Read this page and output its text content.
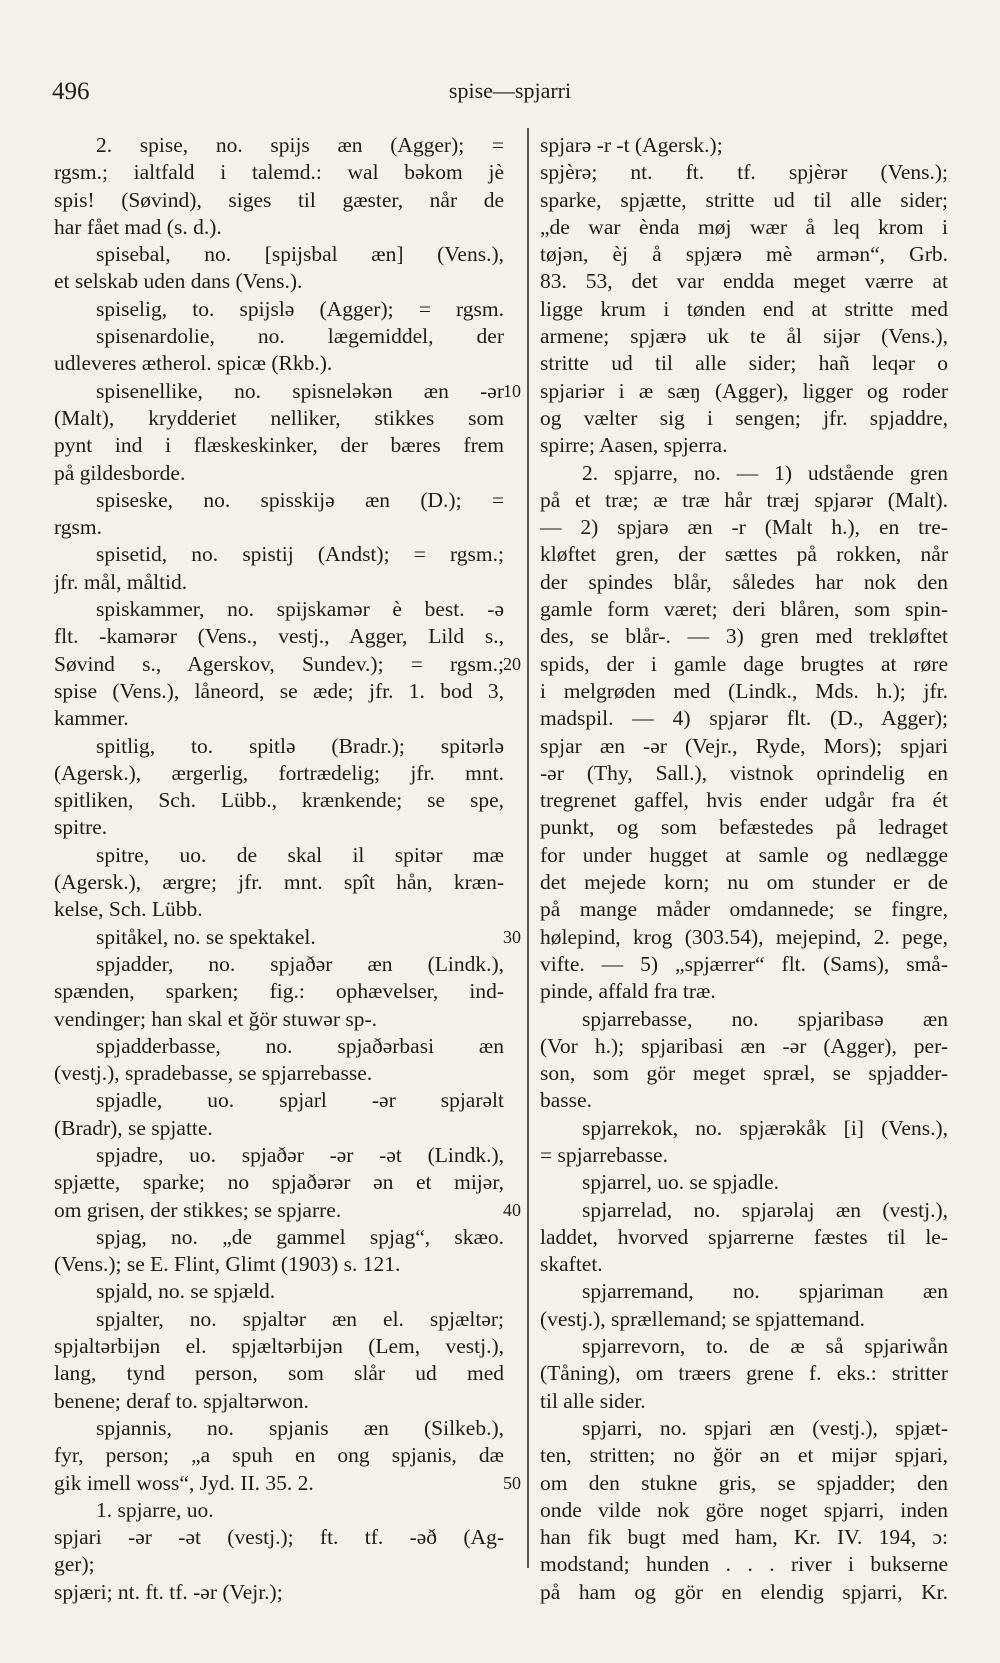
496	spise—spjarri
2. spise, no. spijs æn (Agger); =
rgsm.; ialtfald i talemd.: wal bəkom jè
spis! (Søvind), siges til gæster, når de
har fået mad (s. d.).
spisebal, no. [spijsbal æn] (Vens.),
et selskab uden dans (Vens.).
spiselig, to. spijslə (Agger); = rgsm.
spisenardolie, no. lægemiddel, der
udleveres ætherol. spicæ (Rkb.).
spisenellike, no. spisneləkən æn -ər
(Malt), krydderiet nelliker, stikkes som
pynt ind i flæskeskinker, der bæres frem
på gildesborde.
spiseske, no. spisskijə æn (D.); =
rgsm.
spisetid, no. spistij (Andst); = rgsm.;
jfr. mål, måltid.
spiskammer, no. spijskamər è best. -ə
flt. -kamərər (Vens., vestj., Agger, Lild s.,
Søvind s., Agerskov, Sundev.); = rgsm.;
spise (Vens.), låneord, se æde; jfr. 1. bod 3,
kammer.
spitlig, to. spitlə (Bradr.); spitərlə
(Agersk.), ærgerlig, fortrædelig; jfr. mnt.
spitliken, Sch. Lübb., krænkende; se spe,
spitre.
spitre, uo. de skal il spitər mæ
(Agersk.), ærgre; jfr. mnt. spît hån, kræn-
kelse, Sch. Lübb.
spitåkel, no. se spektakel.
spjadder, no. spjaðər æn (Lindk.),
spænden, sparken; fig.: ophævelser, ind-
vendinger; han skal et ğör stuwər sp-.
spjadderbasse, no. spjaðərbasi æn
(vestj.), spradebasse, se spjarrebasse.
spjadle, uo. spjarl -ər spjarəlt
(Bradr), se spjatte.
spjadre, uo. spjaðər -ər -ət (Lindk.),
spjætte, sparke; no spjaðərər ən et mijər,
om grisen, der stikkes; se spjarre.
spjag, no. „de gammel spjag“, skæo.
(Vens.); se E. Flint, Glimt (1903) s. 121.
spjald, no. se spjæld.
spjalter, no. spjaltər æn el. spjæltər;
spjaltərbijən el. spjæltərbijən (Lem, vestj.),
lang, tynd person, som slår ud med
benene; deraf to. spjaltərwon.
spjannis, no. spjanis æn (Silkeb.),
fyr, person; „a spuh en ong spjanis, dæ
gik imell woss“, Jyd. II. 35. 2.
1. spjarre, uo.
spjari -ər -ət (vestj.); ft. tf. -əð (Ag-
ger);
spjæri; nt. ft. tf. -ər (Vejr.);
spjarə -r -t (Agersk.);
spjèrə; nt. ft. tf. spjèrər (Vens.);
sparke, spjætte, stritte ud til alle sider;
„de war ènda møj wær å leq krom i
tøjən, èj å spjærə mè armən“, Grb.
83. 53, det var endda meget værre at
ligge krum i tønden end at stritte med
armene; spjærə uk te ål sijər (Vens.),
stritte ud til alle sider; hañ leqər o
spjariər i æ sæŋ (Agger), ligger og roder
og vælter sig i sengen; jfr. spjaddre,
spirre; Aasen, spjerra.
2. spjarre, no. — 1) udstående gren
på et træ; æ træ hår træj spjarər (Malt).
— 2) spjarə æn -r (Malt h.), en tre-
kløftet gren, der sættes på rokken, når
der spindes blår, således har nok den
gamle form været; deri blåren, som spin-
des, se blår-. — 3) gren med trekløftet
spids, der i gamle dage brugtes at røre
i melgrøden med (Lindk., Mds. h.); jfr.
madspil. — 4) spjarər flt. (D., Agger);
spjar æn -ər (Vejr., Ryde, Mors); spjari
-ər (Thy, Sall.), vistnok oprindelig en
tregrenet gaffel, hvis ender udgår fra ét
punkt, og som befæstedes på ledraget
for under hugget at samle og nedlægge
det mejede korn; nu om stunder er de
på mange måder omdannede; se fingre,
hølepind, krog (303.54), mejepind, 2. pege,
vifte. — 5) „spjærrer“ flt. (Sams), små-
pinde, affald fra træ.
spjarrebasse, no. spjaribasə æn
(Vor h.); spjaribasi æn -ər (Agger), per-
son, som gör meget spræl, se spjadder-
basse.
spjarrekok, no. spjærəkåk [i] (Vens.),
= spjarrebasse.
spjarrel, uo. se spjadle.
spjarrelad, no. spjarəlaj æn (vestj.),
laddet, hvorved spjarrerne fæstes til le-
skaftet.
spjarremand, no. spjariman æn
(vestj.), sprællemand; se spjattemand.
spjarrevorn, to. de æ så spjariwån
(Tåning), om træers grene f. eks.: stritter
til alle sider.
spjarri, no. spjari æn (vestj.), spjæt-
ten, stritten; no ğör ən et mijər spjari,
om den stukne gris, se spjadder; den
onde vilde nok göre noget spjarri, inden
han fik bugt med ham, Kr. IV. 194, ɔ:
modstand; hunden . . . river i bukserne
på ham og gör en elendig spjarri, Kr.
10
20
30
40
50
